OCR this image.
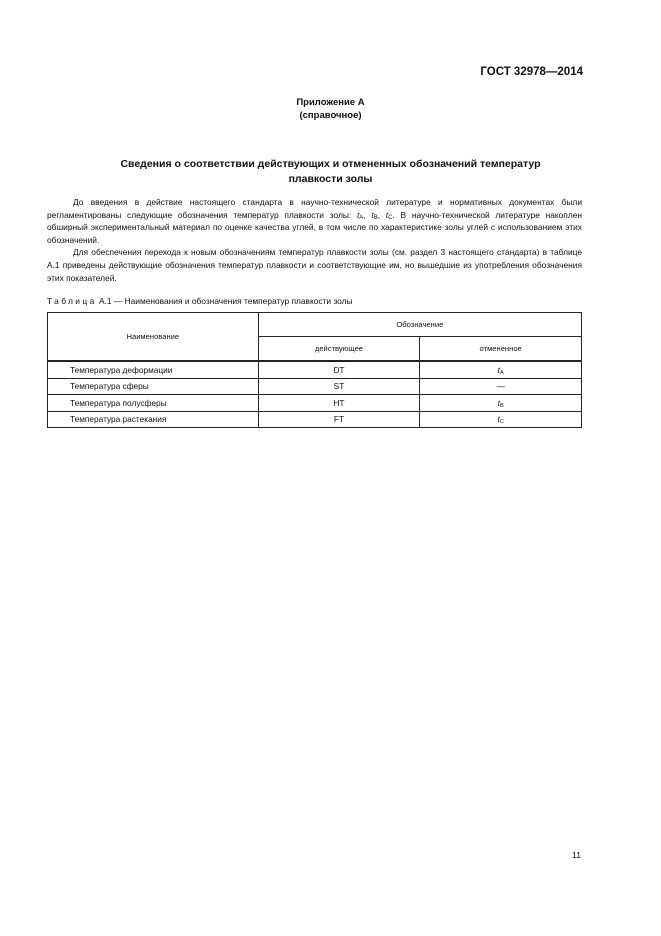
ГОСТ 32978—2014
Приложение А
(справочное)
Сведения о соответствии действующих и отмененных обозначений температур
плавкости золы

До введения в действие настоящего стандарта в научно-технической литературе и нормативных документах были регламентированы следующие обозначения температур плавкости золы: $t_A$, $t_B$, $t_C$. В научно-технической литературе накоплен обширный экспериментальный материал по оценке качества углей, в том числе по характеристике золы углей с использованием этих обозначений.

Для обеспечения перехода к новым обозначениям температур плавкости золы (см. раздел 3 настоящего стандарта) в таблице А.1 приведены действующие обозначения температур плавкости и соответствующие им, но вышедшие из употребления обозначения этих показателей.

Таблица А.1 — Наименования и обозначения температур плавкости золы
Наименование	Обозначение	
	действующее	отмененное
Температура деформации	DT	$t_A$
Температура сферы	ST	—
Температура полусферы	HT	$t_B$
Температура растекания	FT	$t_C$
11
